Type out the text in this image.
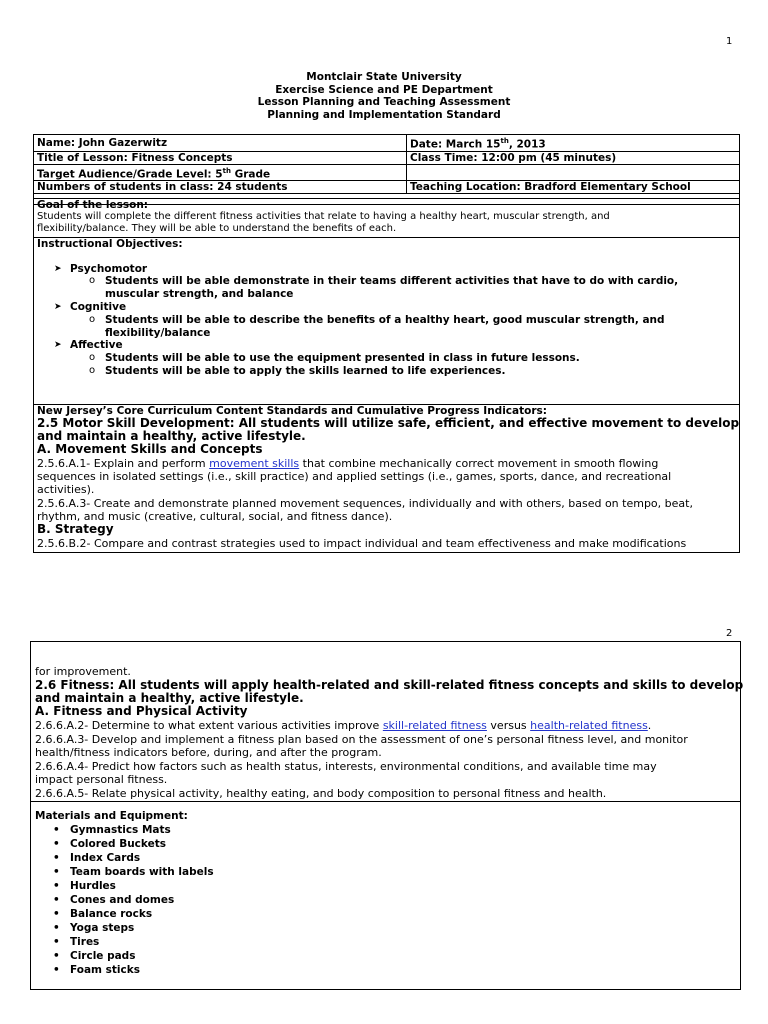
1
Montclair State University
Exercise Science and PE Department
Lesson Planning and Teaching Assessment
Planning and Implementation Standard
Name: John Gazerwitz	Date: March 15th, 2013
Title of Lesson: Fitness Concepts	Class Time: 12:00 pm (45 minutes)
Target Audience/Grade Level: 5th Grade	
Numbers of students in class: 24 students	Teaching Location: Bradford Elementary School

Goal of the lesson:
Students will complete the different fitness activities that relate to having a healthy heart, muscular strength, and
flexibility/balance. They will be able to understand the benefits of each.
Instructional Objectives:
➤ Psychomotor
o Students will be able demonstrate in their teams different activities that have to do with cardio,
muscular strength, and balance
➤ Cognitive
o Students will be able to describe the benefits of a healthy heart, good muscular strength, and
flexibility/balance
➤ Affective
o Students will be able to use the equipment presented in class in future lessons.
o Students will be able to apply the skills learned to life experiences.
New Jersey’s Core Curriculum Content Standards and Cumulative Progress Indicators:
2.5 Motor Skill Development: All students will utilize safe, efficient, and effective movement to develop
and maintain a healthy, active lifestyle.
A. Movement Skills and Concepts
2.5.6.A.1- Explain and perform movement skills that combine mechanically correct movement in smooth flowing
sequences in isolated settings (i.e., skill practice) and applied settings (i.e., games, sports, dance, and recreational
activities).
2.5.6.A.3- Create and demonstrate planned movement sequences, individually and with others, based on tempo, beat,
rhythm, and music (creative, cultural, social, and fitness dance).
B. Strategy
2.5.6.B.2- Compare and contrast strategies used to impact individual and team effectiveness and make modifications
2
for improvement.
2.6 Fitness: All students will apply health-related and skill-related fitness concepts and skills to develop
and maintain a healthy, active lifestyle.
A. Fitness and Physical Activity
2.6.6.A.2- Determine to what extent various activities improve skill-related fitness versus health-related fitness.
2.6.6.A.3- Develop and implement a fitness plan based on the assessment of one’s personal fitness level, and monitor
health/fitness indicators before, during, and after the program.
2.6.6.A.4- Predict how factors such as health status, interests, environmental conditions, and available time may
impact personal fitness.
2.6.6.A.5- Relate physical activity, healthy eating, and body composition to personal fitness and health.
Materials and Equipment:
• Gymnastics Mats
• Colored Buckets
• Index Cards
• Team boards with labels
• Hurdles
• Cones and domes
• Balance rocks
• Yoga steps
• Tires
• Circle pads
• Foam sticks
